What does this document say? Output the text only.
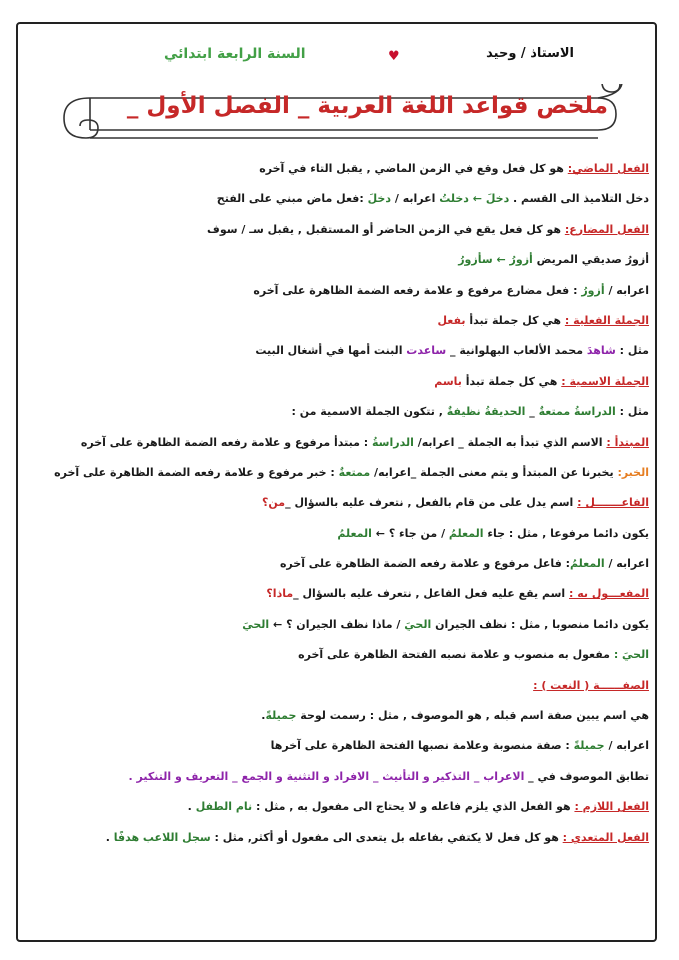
الاستاذ / وحيد
♥
السنة الرابعة ابتدائي
ملخص قواعد اللغة العربية _ الفصل الأول _
الفعل الماضي: هو كل فعل وقع في الزمن الماضي , يقبل التاء في آخره
دخل التلاميذ الى القسم . دخلَ ← دخلتُ اعرابه / دخلَ :فعل ماض مبني على الفتح
الفعل المضارع: هو كل فعل يقع في الزمن الحاضر أو المستقبل , يقبل سـ / سوف
أزورُ صديقي المريض أزورُ ← سأزورُ
اعرابه / أزورُ : فعل مضارع مرفوع و علامة رفعه الضمة الظاهرة على آخره
الجملة الفعلية : هي كل جملة تبدأ بفعل
مثل : شاهدَ محمد الألعاب البهلوانية _ ساعدت البنت أمها في أشغال البيت
الجملة الاسمية : هي كل جملة تبدأ باسم
مثل : الدراسةُ ممتعةٌ _ الحديقةُ نظيفةٌ , تتكون الجملة الاسمية من :
المبتدأ : الاسم الذي تبدأ به الجملة _ اعرابه/ الدراسةُ : مبتدأ مرفوع و علامة رفعه الضمة الظاهرة على آخره
الخبر: يخبرنا عن المبتدأ و يتم معنى الجملة _اعرابه/ ممتعةٌ : خبر مرفوع و علامة رفعه الضمة الظاهرة على آخره
الفاعـــــــل : اسم يدل على من قام بالفعل , نتعرف عليه بالسؤال _من؟
يكون دائما مرفوعا , مثل : جاء المعلمُ / من جاء ؟ ← المعلمُ
اعرابه / المعلمُ: فاعل مرفوع و علامة رفعه الضمة الظاهرة على آخره
المفعـــول به : اسم يقع عليه فعل الفاعل , نتعرف عليه بالسؤال _ماذا؟
يكون دائما منصوبا , مثل : نظف الجيران الحيَ / ماذا نظف الجيران ؟ ← الحيَ
الحيَ : مفعول به منصوب و علامة نصبه الفتحة الظاهرة على آخره
الصفــــــة ( النعت ) :
هي اسم يبين صفة اسم قبله , هو الموصوف , مثل : رسمت لوحة جميلةً.
اعرابه / جميلةً : صفة منصوبة وعلامة نصبها الفتحة الظاهرة على آخرها
تطابق الموصوف في _ الاعراب _ التذكير و التأنيث _ الافراد و التثنية و الجمع _ التعريف و التنكير .
الفعل اللازم : هو الفعل الذي يلزم فاعله و لا يحتاج الى مفعول به , مثل : نام الطفل .
الفعل المتعدي : هو كل فعل لا يكتفي بفاعله بل يتعدى الى مفعول أو أكثر, مثل : سجل اللاعب هدفًا .
